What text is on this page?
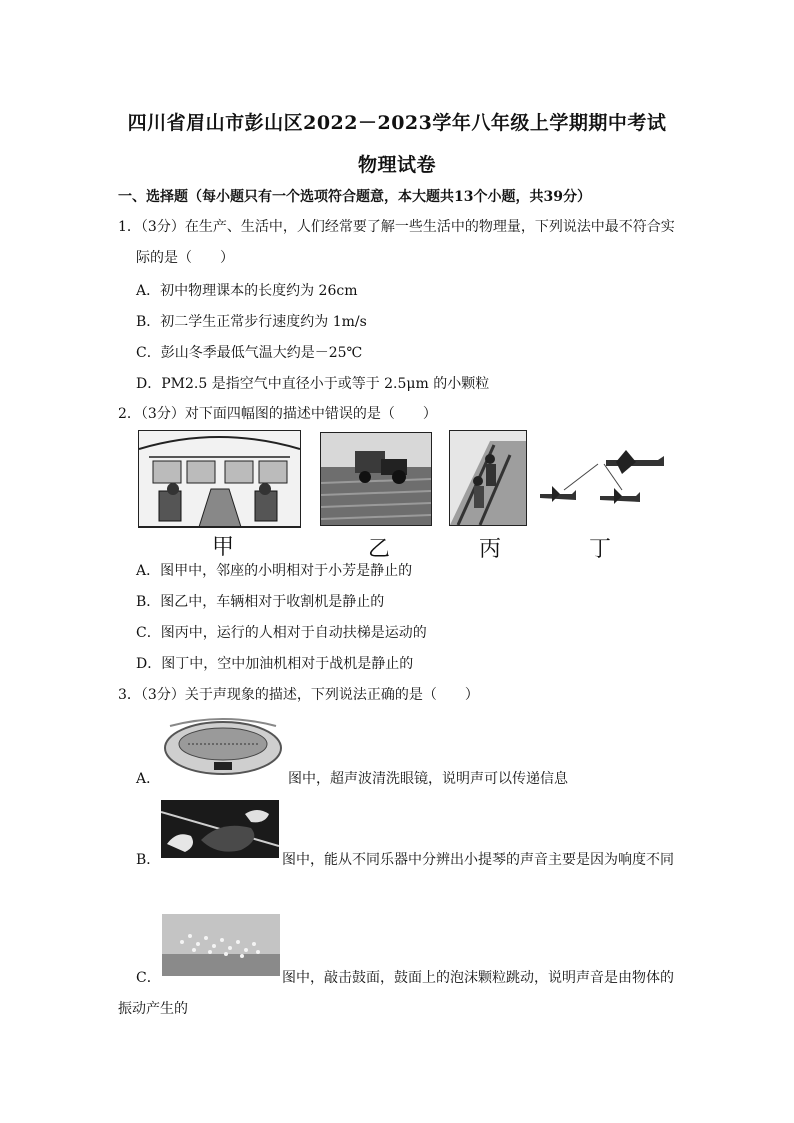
四川省眉山市彭山区2022－2023学年八年级上学期期中考试
物理试卷
一、选择题（每小题只有一个选项符合题意，本大题共13个小题，共39分）
1．（3分）在生产、生活中，人们经常要了解一些生活中的物理量，下列说法中最不符合实
际的是（　　）
A．初中物理课本的长度约为 26cm
B．初二学生正常步行速度约为 1m/s
C．彭山冬季最低气温大约是－25℃
D．PM2.5 是指空气中直径小于或等于 2.5μm 的小颗粒
2．（3分）对下面四幅图的描述中错误的是（　　）
甲	乙	丙	丁
A．图甲中，邻座的小明相对于小芳是静止的
B．图乙中，车辆相对于收割机是静止的
C．图丙中，运行的人相对于自动扶梯是运动的
D．图丁中，空中加油机相对于战机是静止的
3．（3分）关于声现象的描述，下列说法正确的是（　　）
A．	图中，超声波清洗眼镜，说明声可以传递信息
B．	图中，能从不同乐器中分辨出小提琴的声音主要是因为响度不同
C．	图中，敲击鼓面，鼓面上的泡沫颗粒跳动，说明声音是由物体的
振动产生的
